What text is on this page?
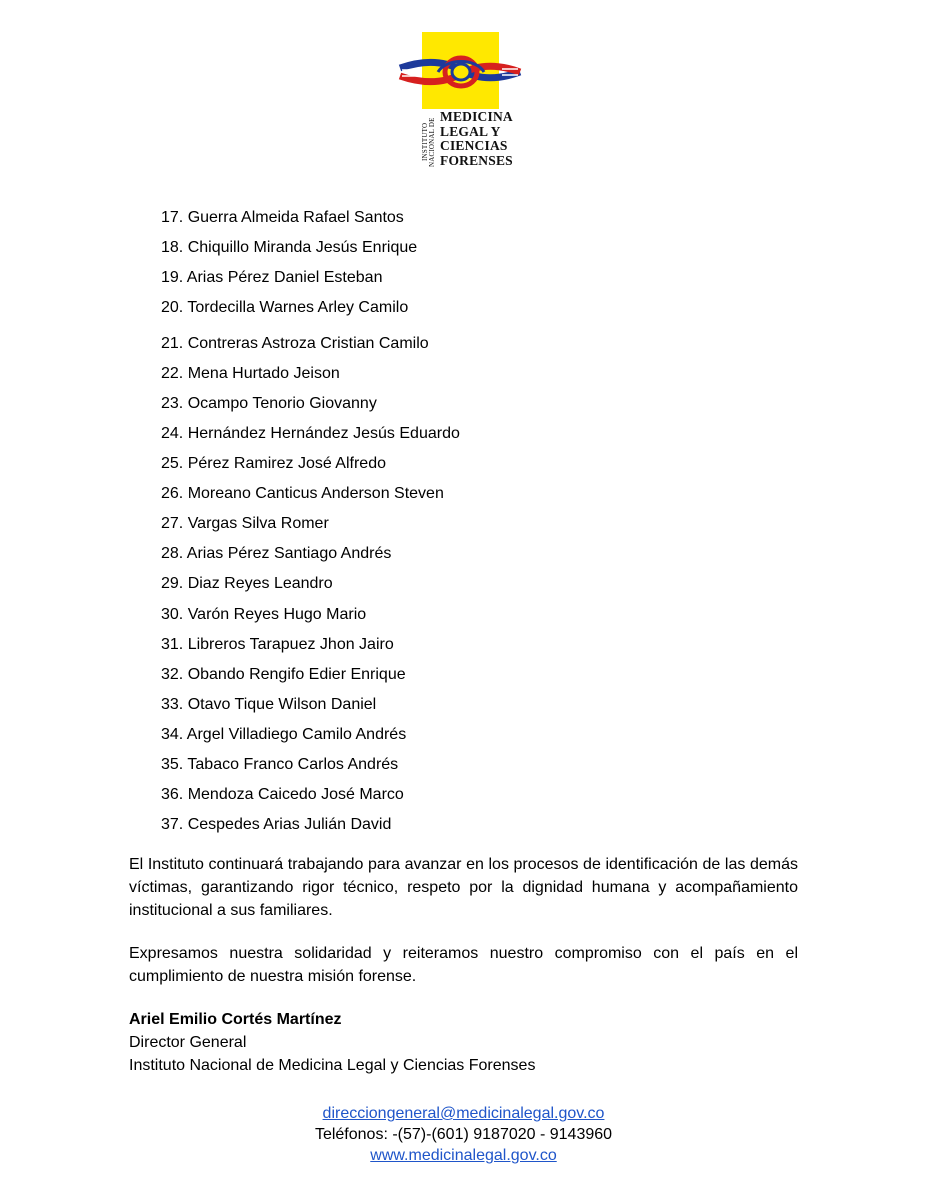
INSTITUTO NACIONAL DE
MEDICINA
LEGAL Y
CIENCIAS
FORENSES
17. Guerra Almeida Rafael Santos
18. Chiquillo Miranda Jesús Enrique
19. Arias Pérez Daniel Esteban
20. Tordecilla Warnes Arley Camilo
21. Contreras Astroza Cristian Camilo
22. Mena Hurtado Jeison
23. Ocampo Tenorio Giovanny
24. Hernández Hernández Jesús Eduardo
25. Pérez Ramirez José Alfredo
26. Moreano Canticus Anderson Steven
27. Vargas Silva Romer
28. Arias Pérez Santiago Andrés
29. Diaz Reyes Leandro
30. Varón Reyes Hugo Mario
31. Libreros Tarapuez Jhon Jairo
32. Obando Rengifo Edier Enrique
33. Otavo Tique Wilson Daniel
34. Argel Villadiego Camilo Andrés
35. Tabaco Franco Carlos Andrés
36. Mendoza Caicedo José Marco
37. Cespedes Arias Julián David

El Instituto continuará trabajando para avanzar en los procesos de identificación de las demás víctimas, garantizando rigor técnico, respeto por la dignidad humana y acompañamiento institucional a sus familiares.

Expresamos nuestra solidaridad y reiteramos nuestro compromiso con el país en el cumplimiento de nuestra misión forense.

Ariel Emilio Cortés Martínez
Director General
Instituto Nacional de Medicina Legal y Ciencias Forenses
direcciongeneral@medicinalegal.gov.co
Teléfonos: -(57)-(601) 9187020 - 9143960
www.medicinalegal.gov.co
